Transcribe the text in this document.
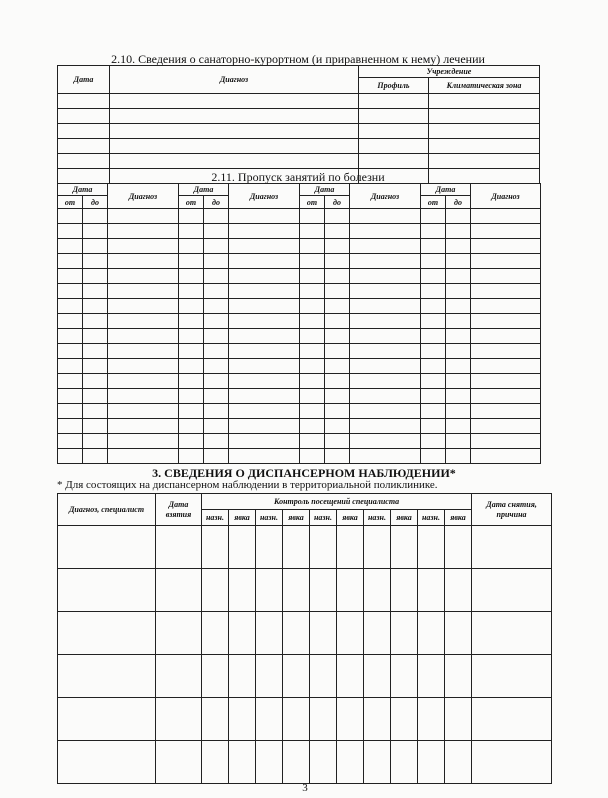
2.10. Сведения о санаторно-курортном (и приравненном к нему) лечении
Дата	Диагноз	Учреждение	
		Профиль	Климатическая зона

2.11. Пропуск занятий по болезни
Дата		Диагноз	Дата		Диагноз	Дата		Диагноз	Дата		Диагноз
от	до		от	до		от	до		от	до	

3. СВЕДЕНИЯ О ДИСПАНСЕРНОМ НАБЛЮДЕНИИ*
* Для состоящих на диспансерном наблюдении в территориальной поликлинике.
Диагноз, специалист	Дата взятия	Контроль посещений специалиста										Дата снятия, причина
		назн.	явка	назн.	явка	назн.	явка	назн.	явка	назн.	явка	

3
